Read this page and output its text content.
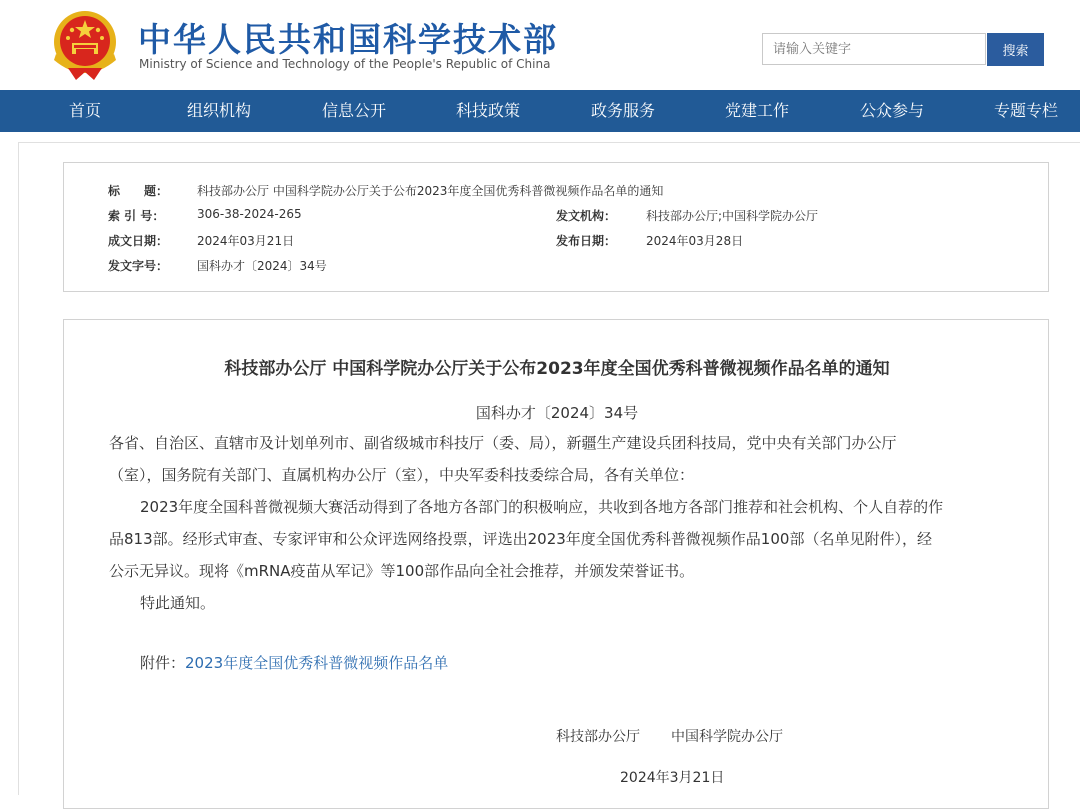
中华人民共和国科学技术部
Ministry of Science and Technology of the People's Republic of China
请输入关键字
搜索
首页	组织机构	信息公开	科技政策	政务服务	党建工作	公众参与	专题专栏
标　　题： 科技部办公厅 中国科学院办公厅关于公布2023年度全国优秀科普微视频作品名单的通知
索 引 号：	306-38-2024-265	发文机构： 科技部办公厅;中国科学院办公厅
成文日期： 2024年03月21日	发布日期： 2024年03月28日
发文字号： 国科办才〔2024〕34号
科技部办公厅 中国科学院办公厅关于公布2023年度全国优秀科普微视频作品名单的通知
国科办才〔2024〕34号
各省、自治区、直辖市及计划单列市、副省级城市科技厅（委、局），新疆生产建设兵团科技局，党中央有关部门办公厅
（室），国务院有关部门、直属机构办公厅（室），中央军委科技委综合局，各有关单位：
2023年度全国科普微视频大赛活动得到了各地方各部门的积极响应，共收到各地方各部门推荐和社会机构、个人自荐的作
品813部。经形式审查、专家评审和公众评选网络投票，评选出2023年度全国优秀科普微视频作品100部（名单见附件），经
公示无异议。现将《mRNA疫苗从军记》等100部作品向全社会推荐，并颁发荣誉证书。
特此通知。
附件：2023年度全国优秀科普微视频作品名单
科技部办公厅 中国科学院办公厅
2024年3月21日
